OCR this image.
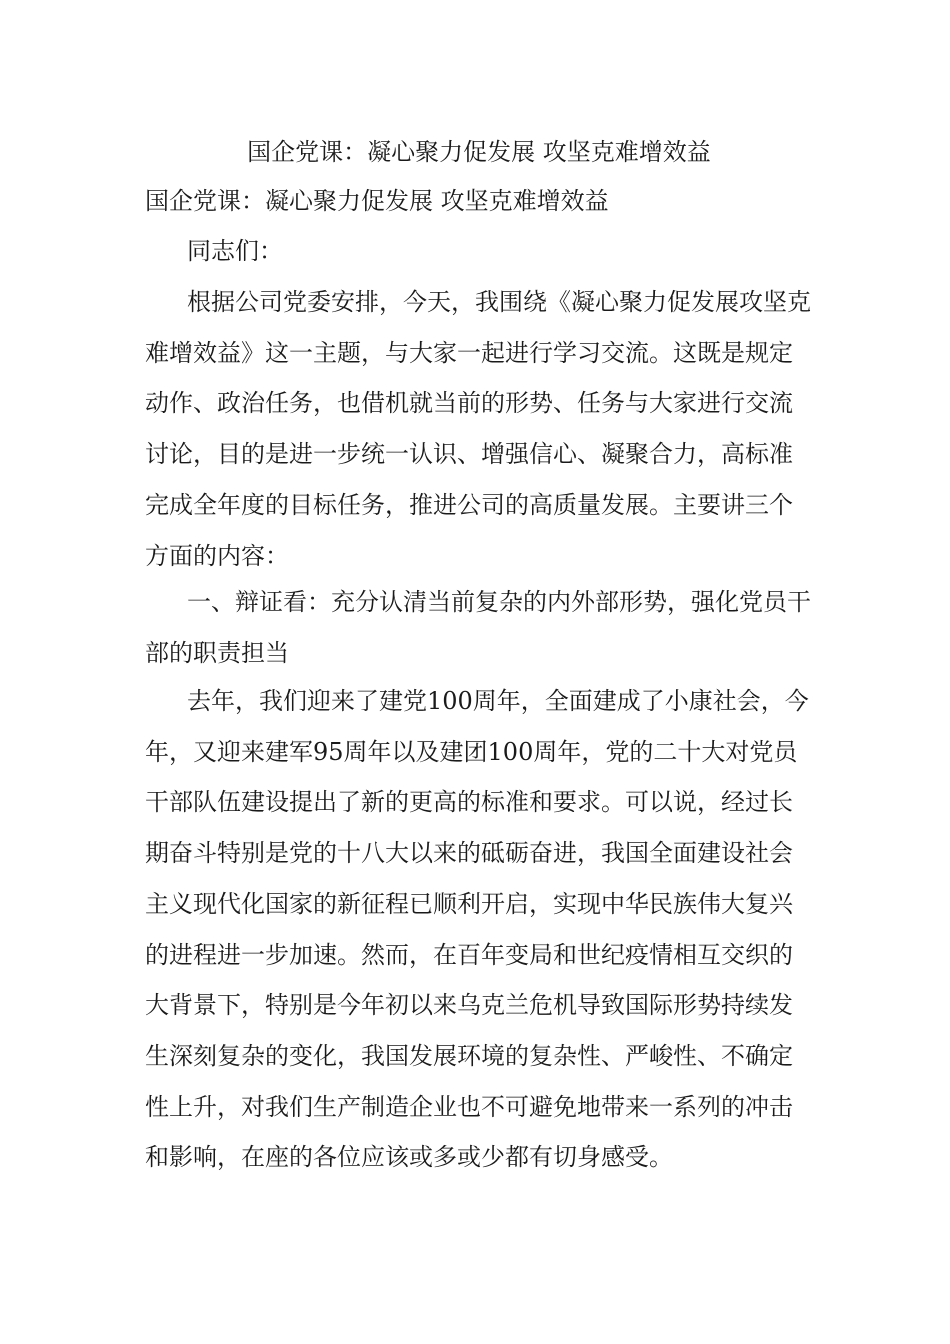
国企党课：凝心聚力促发展 攻坚克难增效益

国企党课：凝心聚力促发展 攻坚克难增效益

同志们：

根据公司党委安排，今天，我围绕《凝心聚力促发展攻坚克难增效益》这一主题，与大家一起进行学习交流。这既是规定动作、政治任务，也借机就当前的形势、任务与大家进行交流讨论，目的是进一步统一认识、增强信心、凝聚合力，高标准完成全年度的目标任务，推进公司的高质量发展。主要讲三个方面的内容：

一、辩证看：充分认清当前复杂的内外部形势，强化党员干部的职责担当

去年，我们迎来了建党100周年，全面建成了小康社会，今年，又迎来建军95周年以及建团100周年，党的二十大对党员干部队伍建设提出了新的更高的标准和要求。可以说，经过长期奋斗特别是党的十八大以来的砥砺奋进，我国全面建设社会主义现代化国家的新征程已顺利开启，实现中华民族伟大复兴的进程进一步加速。然而，在百年变局和世纪疫情相互交织的大背景下，特别是今年初以来乌克兰危机导致国际形势持续发生深刻复杂的变化，我国发展环境的复杂性、严峻性、不确定性上升，对我们生产制造企业也不可避免地带来一系列的冲击和影响，在座的各位应该或多或少都有切身感受。
